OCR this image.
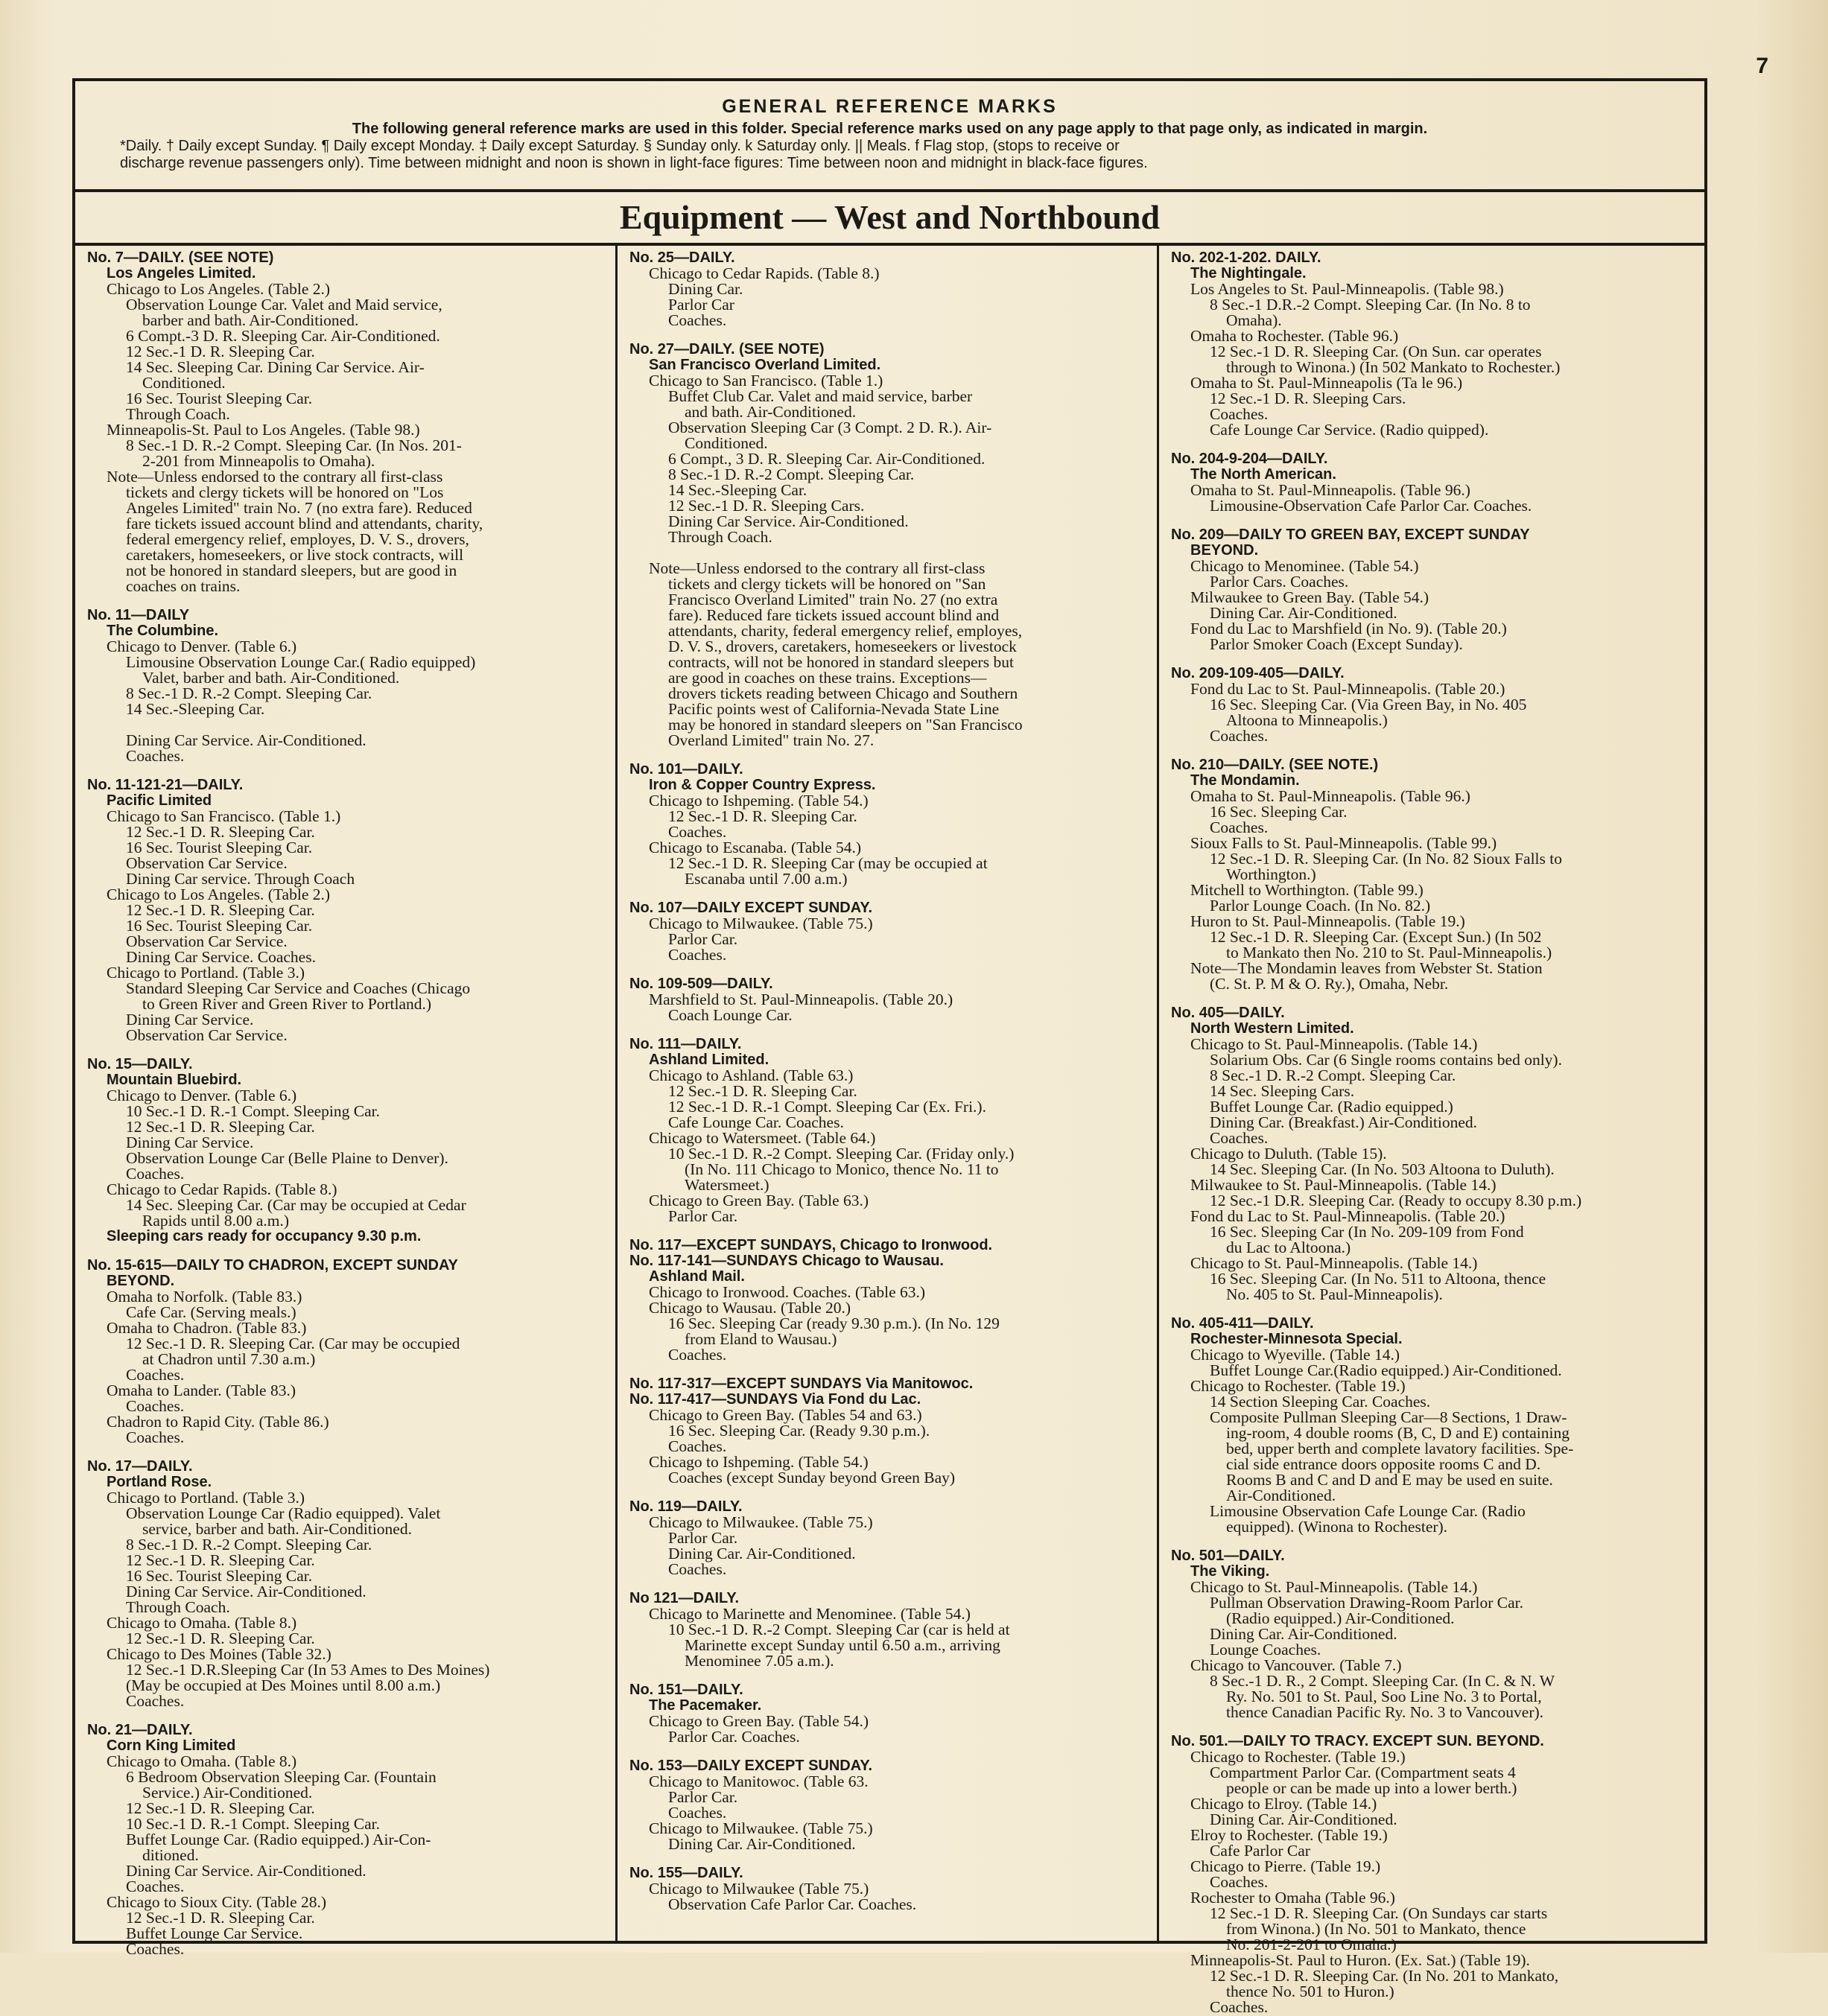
7
GENERAL REFERENCE MARKS
The following general reference marks are used in this folder. Special reference marks used on any page apply to that page only, as indicated in margin.
*Daily. † Daily except Sunday. ¶ Daily except Monday. ‡ Daily except Saturday. § Sunday only. k Saturday only. || Meals. f Flag stop, (stops to receive or
discharge revenue passengers only). Time between midnight and noon is shown in light-face figures: Time between noon and midnight in black-face figures.
Equipment — West and Northbound
No. 7—DAILY. (SEE NOTE)
Los Angeles Limited.
Chicago to Los Angeles. (Table 2.)
Observation Lounge Car. Valet and Maid service,
barber and bath. Air-Conditioned.
6 Compt.-3 D. R. Sleeping Car. Air-Conditioned.
12 Sec.-1 D. R. Sleeping Car.
14 Sec. Sleeping Car. Dining Car Service. Air-
Conditioned.
16 Sec. Tourist Sleeping Car.
Through Coach.
Minneapolis-St. Paul to Los Angeles. (Table 98.)
8 Sec.-1 D. R.-2 Compt. Sleeping Car. (In Nos. 201-
2-201 from Minneapolis to Omaha).
Note—Unless endorsed to the contrary all first-class
tickets and clergy tickets will be honored on "Los
Angeles Limited" train No. 7 (no extra fare). Reduced
fare tickets issued account blind and attendants, charity,
federal emergency relief, employes, D. V. S., drovers,
caretakers, homeseekers, or live stock contracts, will
not be honored in standard sleepers, but are good in
coaches on trains.
No. 11—DAILY
The Columbine.
Chicago to Denver. (Table 6.)
Limousine Observation Lounge Car.( Radio equipped)
Valet, barber and bath. Air-Conditioned.
8 Sec.-1 D. R.-2 Compt. Sleeping Car.
14 Sec.-Sleeping Car.

Dining Car Service. Air-Conditioned.
Coaches.
No. 11-121-21—DAILY.
Pacific Limited
Chicago to San Francisco. (Table 1.)
12 Sec.-1 D. R. Sleeping Car.
16 Sec. Tourist Sleeping Car.
Observation Car Service.
Dining Car service. Through Coach
Chicago to Los Angeles. (Table 2.)
12 Sec.-1 D. R. Sleeping Car.
16 Sec. Tourist Sleeping Car.
Observation Car Service.
Dining Car Service. Coaches.
Chicago to Portland. (Table 3.)
Standard Sleeping Car Service and Coaches (Chicago
to Green River and Green River to Portland.)
Dining Car Service.
Observation Car Service.
No. 15—DAILY.
Mountain Bluebird.
Chicago to Denver. (Table 6.)
10 Sec.-1 D. R.-1 Compt. Sleeping Car.
12 Sec.-1 D. R. Sleeping Car.
Dining Car Service.
Observation Lounge Car (Belle Plaine to Denver).
Coaches.
Chicago to Cedar Rapids. (Table 8.)
14 Sec. Sleeping Car. (Car may be occupied at Cedar
Rapids until 8.00 a.m.)
Sleeping cars ready for occupancy 9.30 p.m.
No. 15-615—DAILY TO CHADRON, EXCEPT SUNDAY
BEYOND.
Omaha to Norfolk. (Table 83.)
Cafe Car. (Serving meals.)
Omaha to Chadron. (Table 83.)
12 Sec.-1 D. R. Sleeping Car. (Car may be occupied
at Chadron until 7.30 a.m.)
Coaches.
Omaha to Lander. (Table 83.)
Coaches.
Chadron to Rapid City. (Table 86.)
Coaches.
No. 17—DAILY.
Portland Rose.
Chicago to Portland. (Table 3.)
Observation Lounge Car (Radio equipped). Valet
service, barber and bath. Air-Conditioned.
8 Sec.-1 D. R.-2 Compt. Sleeping Car.
12 Sec.-1 D. R. Sleeping Car.
16 Sec. Tourist Sleeping Car.
Dining Car Service. Air-Conditioned.
Through Coach.
Chicago to Omaha. (Table 8.)
12 Sec.-1 D. R. Sleeping Car.
Chicago to Des Moines (Table 32.)
12 Sec.-1 D.R.Sleeping Car (In 53 Ames to Des Moines)
(May be occupied at Des Moines until 8.00 a.m.)
Coaches.
No. 21—DAILY.
Corn King Limited
Chicago to Omaha. (Table 8.)
6 Bedroom Observation Sleeping Car. (Fountain
Service.) Air-Conditioned.
12 Sec.-1 D. R. Sleeping Car.
10 Sec.-1 D. R.-1 Compt. Sleeping Car.
Buffet Lounge Car. (Radio equipped.) Air-Con-
ditioned.
Dining Car Service. Air-Conditioned.
Coaches.
Chicago to Sioux City. (Table 28.)
12 Sec.-1 D. R. Sleeping Car.
Buffet Lounge Car Service.
Coaches.
No. 25—DAILY.
Chicago to Cedar Rapids. (Table 8.)
Dining Car.
Parlor Car
Coaches.
No. 27—DAILY. (SEE NOTE)
San Francisco Overland Limited.
Chicago to San Francisco. (Table 1.)
Buffet Club Car. Valet and maid service, barber
and bath. Air-Conditioned.
Observation Sleeping Car (3 Compt. 2 D. R.). Air-
Conditioned.
6 Compt., 3 D. R. Sleeping Car. Air-Conditioned.
8 Sec.-1 D. R.-2 Compt. Sleeping Car.
14 Sec.-Sleeping Car.
12 Sec.-1 D. R. Sleeping Cars.
Dining Car Service. Air-Conditioned.
Through Coach.

Note—Unless endorsed to the contrary all first-class
tickets and clergy tickets will be honored on "San
Francisco Overland Limited" train No. 27 (no extra
fare). Reduced fare tickets issued account blind and
attendants, charity, federal emergency relief, employes,
D. V. S., drovers, caretakers, homeseekers or livestock
contracts, will not be honored in standard sleepers but
are good in coaches on these trains. Exceptions—
drovers tickets reading between Chicago and Southern
Pacific points west of California-Nevada State Line
may be honored in standard sleepers on "San Francisco
Overland Limited" train No. 27.
No. 101—DAILY.
Iron & Copper Country Express.
Chicago to Ishpeming. (Table 54.)
12 Sec.-1 D. R. Sleeping Car.
Coaches.
Chicago to Escanaba. (Table 54.)
12 Sec.-1 D. R. Sleeping Car (may be occupied at
Escanaba until 7.00 a.m.)
No. 107—DAILY EXCEPT SUNDAY.
Chicago to Milwaukee. (Table 75.)
Parlor Car.
Coaches.
No. 109-509—DAILY.
Marshfield to St. Paul-Minneapolis. (Table 20.)
Coach Lounge Car.
No. 111—DAILY.
Ashland Limited.
Chicago to Ashland. (Table 63.)
12 Sec.-1 D. R. Sleeping Car.
12 Sec.-1 D. R.-1 Compt. Sleeping Car (Ex. Fri.).
Cafe Lounge Car. Coaches.
Chicago to Watersmeet. (Table 64.)
10 Sec.-1 D. R.-2 Compt. Sleeping Car. (Friday only.)
(In No. 111 Chicago to Monico, thence No. 11 to
Watersmeet.)
Chicago to Green Bay. (Table 63.)
Parlor Car.
No. 117—EXCEPT SUNDAYS, Chicago to Ironwood.
No. 117-141—SUNDAYS Chicago to Wausau.
Ashland Mail.
Chicago to Ironwood. Coaches. (Table 63.)
Chicago to Wausau. (Table 20.)
16 Sec. Sleeping Car (ready 9.30 p.m.). (In No. 129
from Eland to Wausau.)
Coaches.
No. 117-317—EXCEPT SUNDAYS Via Manitowoc.
No. 117-417—SUNDAYS Via Fond du Lac.
Chicago to Green Bay. (Tables 54 and 63.)
16 Sec. Sleeping Car. (Ready 9.30 p.m.).
Coaches.
Chicago to Ishpeming. (Table 54.)
Coaches (except Sunday beyond Green Bay)
No. 119—DAILY.
Chicago to Milwaukee. (Table 75.)
Parlor Car.
Dining Car. Air-Conditioned.
Coaches.
No 121—DAILY.
Chicago to Marinette and Menominee. (Table 54.)
10 Sec.-1 D. R.-2 Compt. Sleeping Car (car is held at
Marinette except Sunday until 6.50 a.m., arriving
Menominee 7.05 a.m.).
No. 151—DAILY.
The Pacemaker.
Chicago to Green Bay. (Table 54.)
Parlor Car. Coaches.
No. 153—DAILY EXCEPT SUNDAY.
Chicago to Manitowoc. (Table 63.
Parlor Car.
Coaches.
Chicago to Milwaukee. (Table 75.)
Dining Car. Air-Conditioned.
No. 155—DAILY.
Chicago to Milwaukee (Table 75.)
Observation Cafe Parlor Car. Coaches.
No. 202-1-202. DAILY.
The Nightingale.
Los Angeles to St. Paul-Minneapolis. (Table 98.)
8 Sec.-1 D.R.-2 Compt. Sleeping Car. (In No. 8 to
Omaha).
Omaha to Rochester. (Table 96.)
12 Sec.-1 D. R. Sleeping Car. (On Sun. car operates
through to Winona.) (In 502 Mankato to Rochester.)
Omaha to St. Paul-Minneapolis (Ta le 96.)
12 Sec.-1 D. R. Sleeping Cars.
Coaches.
Cafe Lounge Car Service. (Radio quipped).
No. 204-9-204—DAILY.
The North American.
Omaha to St. Paul-Minneapolis. (Table 96.)
Limousine-Observation Cafe Parlor Car. Coaches.
No. 209—DAILY TO GREEN BAY, EXCEPT SUNDAY
BEYOND.
Chicago to Menominee. (Table 54.)
Parlor Cars. Coaches.
Milwaukee to Green Bay. (Table 54.)
Dining Car. Air-Conditioned.
Fond du Lac to Marshfield (in No. 9). (Table 20.)
Parlor Smoker Coach (Except Sunday).
No. 209-109-405—DAILY.
Fond du Lac to St. Paul-Minneapolis. (Table 20.)
16 Sec. Sleeping Car. (Via Green Bay, in No. 405
Altoona to Minneapolis.)
Coaches.
No. 210—DAILY. (SEE NOTE.)
The Mondamin.
Omaha to St. Paul-Minneapolis. (Table 96.)
16 Sec. Sleeping Car.
Coaches.
Sioux Falls to St. Paul-Minneapolis. (Table 99.)
12 Sec.-1 D. R. Sleeping Car. (In No. 82 Sioux Falls to
Worthington.)
Mitchell to Worthington. (Table 99.)
Parlor Lounge Coach. (In No. 82.)
Huron to St. Paul-Minneapolis. (Table 19.)
12 Sec.-1 D. R. Sleeping Car. (Except Sun.) (In 502
to Mankato then No. 210 to St. Paul-Minneapolis.)
Note—The Mondamin leaves from Webster St. Station
(C. St. P. M & O. Ry.), Omaha, Nebr.
No. 405—DAILY.
North Western Limited.
Chicago to St. Paul-Minneapolis. (Table 14.)
Solarium Obs. Car (6 Single rooms contains bed only).
8 Sec.-1 D. R.-2 Compt. Sleeping Car.
14 Sec. Sleeping Cars.
Buffet Lounge Car. (Radio equipped.)
Dining Car. (Breakfast.) Air-Conditioned.
Coaches.
Chicago to Duluth. (Table 15).
14 Sec. Sleeping Car. (In No. 503 Altoona to Duluth).
Milwaukee to St. Paul-Minneapolis. (Table 14.)
12 Sec.-1 D.R. Sleeping Car. (Ready to occupy 8.30 p.m.)
Fond du Lac to St. Paul-Minneapolis. (Table 20.)
16 Sec. Sleeping Car (In No. 209-109 from Fond
du Lac to Altoona.)
Chicago to St. Paul-Minneapolis. (Table 14.)
16 Sec. Sleeping Car. (In No. 511 to Altoona, thence
No. 405 to St. Paul-Minneapolis).
No. 405-411—DAILY.
Rochester-Minnesota Special.
Chicago to Wyeville. (Table 14.)
Buffet Lounge Car.(Radio equipped.) Air-Conditioned.
Chicago to Rochester. (Table 19.)
14 Section Sleeping Car. Coaches.
Composite Pullman Sleeping Car—8 Sections, 1 Draw-
ing-room, 4 double rooms (B, C, D and E) containing
bed, upper berth and complete lavatory facilities. Spe-
cial side entrance doors opposite rooms C and D.
Rooms B and C and D and E may be used en suite.
Air-Conditioned.
Limousine Observation Cafe Lounge Car. (Radio
equipped). (Winona to Rochester).
No. 501—DAILY.
The Viking.
Chicago to St. Paul-Minneapolis. (Table 14.)
Pullman Observation Drawing-Room Parlor Car.
(Radio equipped.) Air-Conditioned.
Dining Car. Air-Conditioned.
Lounge Coaches.
Chicago to Vancouver. (Table 7.)
8 Sec.-1 D. R., 2 Compt. Sleeping Car. (In C. & N. W
Ry. No. 501 to St. Paul, Soo Line No. 3 to Portal,
thence Canadian Pacific Ry. No. 3 to Vancouver).
No. 501.—DAILY TO TRACY. EXCEPT SUN. BEYOND.
Chicago to Rochester. (Table 19.)
Compartment Parlor Car. (Compartment seats 4
people or can be made up into a lower berth.)
Chicago to Elroy. (Table 14.)
Dining Car. Air-Conditioned.
Elroy to Rochester. (Table 19.)
Cafe Parlor Car
Chicago to Pierre. (Table 19.)
Coaches.
Rochester to Omaha (Table 96.)
12 Sec.-1 D. R. Sleeping Car. (On Sundays car starts
from Winona.) (In No. 501 to Mankato, thence
No. 201-2-201 to Omaha.)
Minneapolis-St. Paul to Huron. (Ex. Sat.) (Table 19).
12 Sec.-1 D. R. Sleeping Car. (In No. 201 to Mankato,
thence No. 501 to Huron.)
Coaches.
